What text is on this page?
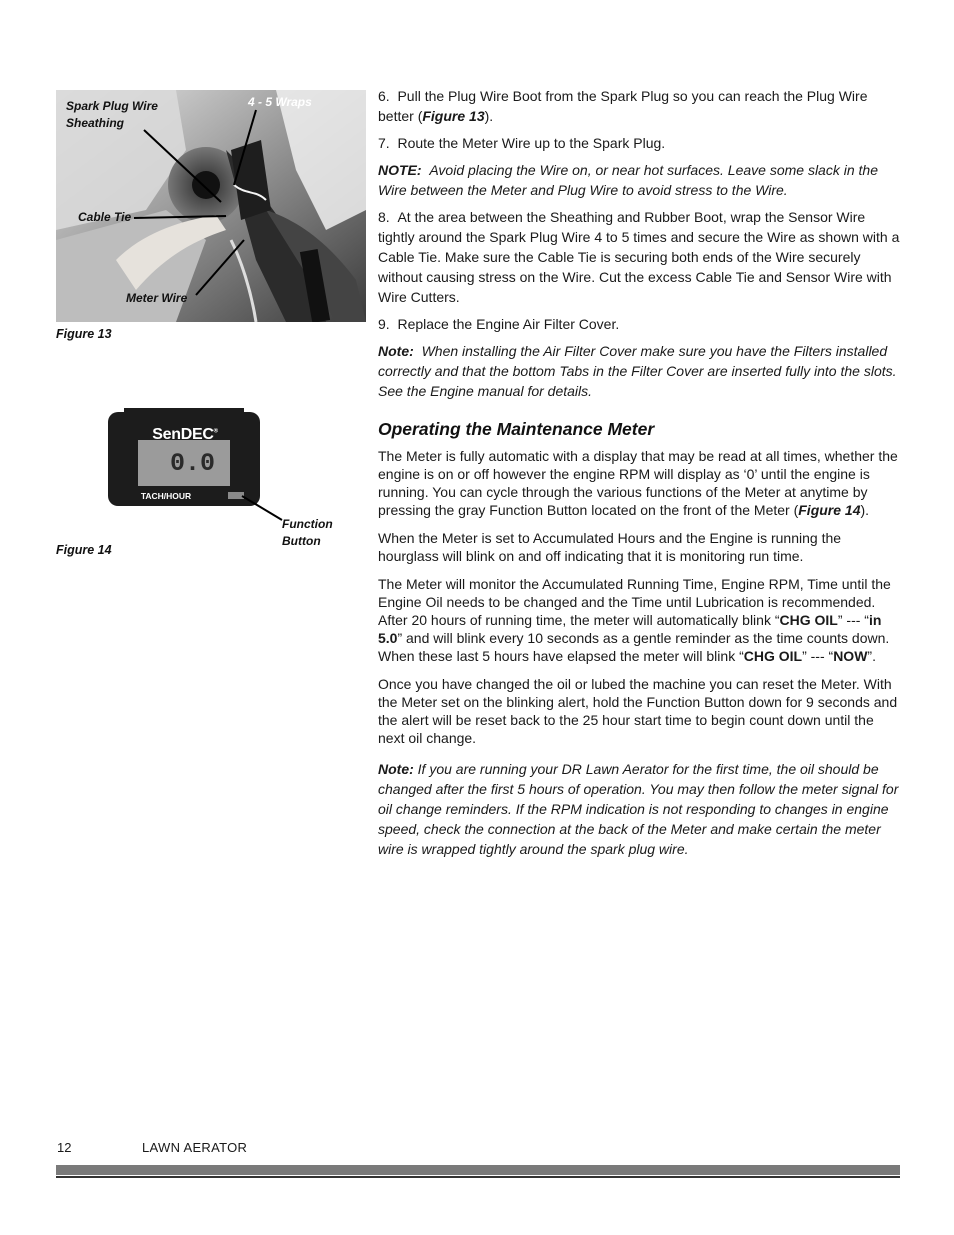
Spark Plug Wire
Sheathing
4 - 5 Wraps
Cable Tie
Meter Wire
Figure 13
SenDEC®
0.0
TACH/HOUR
Function
Button
Figure 14

6. Pull the Plug Wire Boot from the Spark Plug so you can reach the Plug Wire better (Figure 13).

7. Route the Meter Wire up to the Spark Plug.

NOTE: Avoid placing the Wire on, or near hot surfaces. Leave some slack in the Wire between the Meter and Plug Wire to avoid stress to the Wire.

8. At the area between the Sheathing and Rubber Boot, wrap the Sensor Wire tightly around the Spark Plug Wire 4 to 5 times and secure the Wire as shown with a Cable Tie. Make sure the Cable Tie is securing both ends of the Wire securely without causing stress on the Wire. Cut the excess Cable Tie and Sensor Wire with Wire Cutters.

9. Replace the Engine Air Filter Cover.

Note: When installing the Air Filter Cover make sure you have the Filters installed correctly and that the bottom Tabs in the Filter Cover are inserted fully into the slots. See the Engine manual for details.

Operating the Maintenance Meter

The Meter is fully automatic with a display that may be read at all times, whether the engine is on or off however the engine RPM will display as ‘0’ until the engine is running. You can cycle through the various functions of the Meter at anytime by pressing the gray Function Button located on the front of the Meter (Figure 14).

When the Meter is set to Accumulated Hours and the Engine is running the hourglass will blink on and off indicating that it is monitoring run time.

The Meter will monitor the Accumulated Running Time, Engine RPM, Time until the Engine Oil needs to be changed and the Time until Lubrication is recommended. After 20 hours of running time, the meter will automatically blink “CHG OIL” --- “in 5.0” and will blink every 10 seconds as a gentle reminder as the time counts down. When these last 5 hours have elapsed the meter will blink “CHG OIL” --- “NOW”.

Once you have changed the oil or lubed the machine you can reset the Meter. With the Meter set on the blinking alert, hold the Function Button down for 9 seconds and the alert will be reset back to the 25 hour start time to begin count down until the next oil change.

Note: If you are running your DR Lawn Aerator for the first time, the oil should be changed after the first 5 hours of operation. You may then follow the meter signal for oil change reminders. If the RPM indication is not responding to changes in engine speed, check the connection at the back of the Meter and make certain the meter wire is wrapped tightly around the spark plug wire.

12	LAWN AERATOR
